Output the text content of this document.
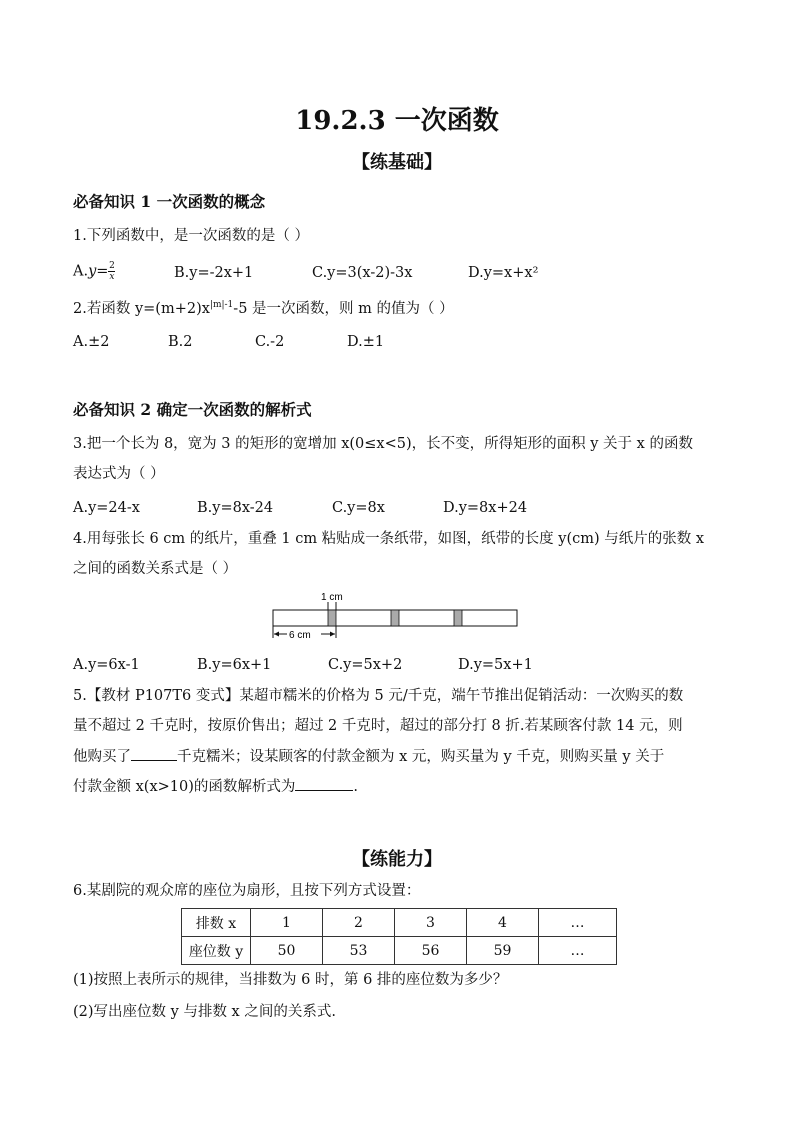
19.2.3 一次函数
【练基础】
必备知识 1 一次函数的概念
1.下列函数中，是一次函数的是（ ）
$A.y= \frac{2}{x}$	B.y=-2x+1	C.y=3(x-2)-3x	D.y=x+x²
2.若函数 $y=(m+2)x^{|m|-1}-5$ 是一次函数，则 m 的值为（ ）
A.±2	B.2	C.-2	D.±1
必备知识 2 确定一次函数的解析式
3.把一个长为 8，宽为 3 的矩形的宽增加 x(0≤x<5)，长不变，所得矩形的面积 y 关于 x 的函数
表达式为（ ）
A.y=24-x	B.y=8x-24	C.y=8x	D.y=8x+24
4.用每张长 6 cm 的纸片，重叠 1 cm 粘贴成一条纸带，如图，纸带的长度 y(cm) 与纸片的张数 x
之间的函数关系式是（ ）
1 cm
6 cm
A.y=6x-1	B.y=6x+1	C.y=5x+2	D.y=5x+1
5.【教材 P107T6 变式】某超市糯米的价格为 5 元/千克，端午节推出促销活动：一次购买的数
量不超过 2 千克时，按原价售出；超过 2 千克时，超过的部分打 8 折.若某顾客付款 14 元，则
他购买了	千克糯米；设某顾客的付款金额为 x 元，购买量为 y 千克，则购买量 y 关于
付款金额 x(x>10)的函数解析式为	.
【练能力】
6.某剧院的观众席的座位为扇形，且按下列方式设置：
排数 x	1	2	3	4	…
座位数 y	50	53	56	59	…
(1)按照上表所示的规律，当排数为 6 时，第 6 排的座位数为多少？
(2)写出座位数 y 与排数 x 之间的关系式.
